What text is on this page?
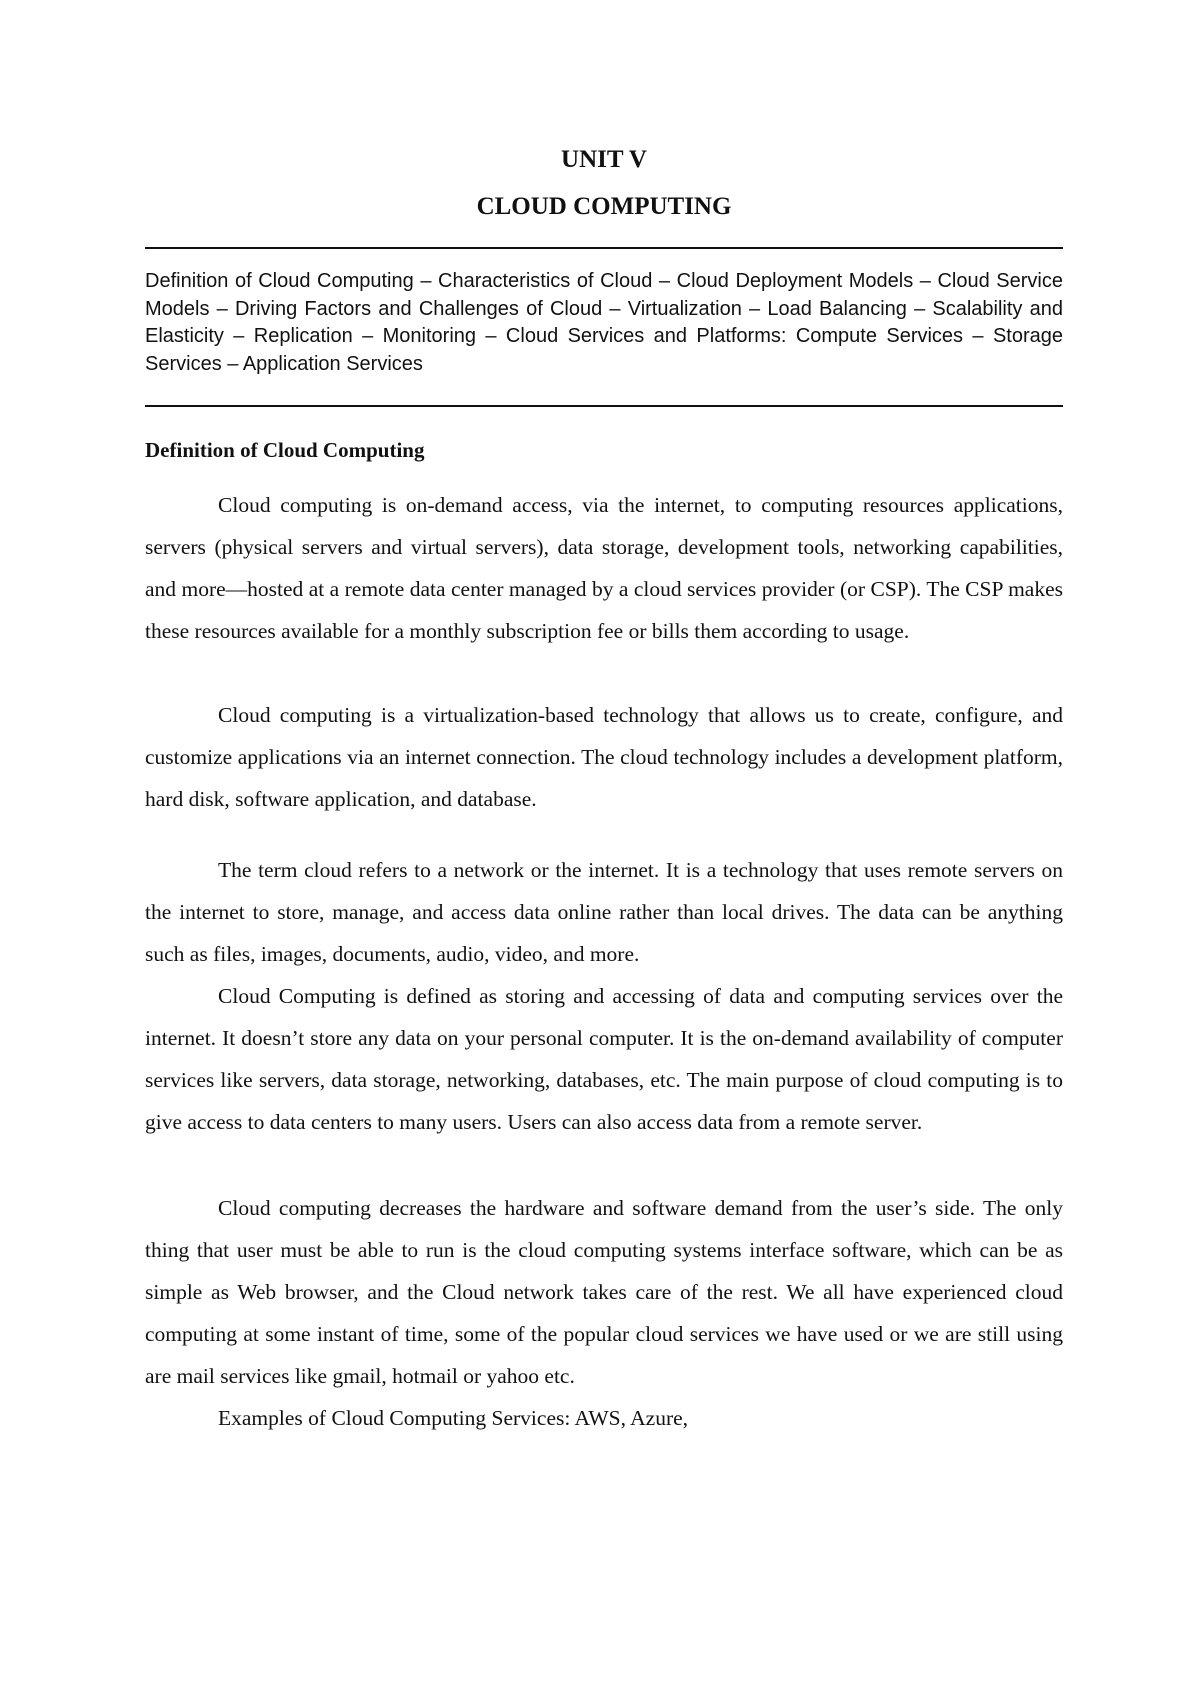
UNIT V
CLOUD COMPUTING

Definition of Cloud Computing – Characteristics of Cloud – Cloud Deployment Models – Cloud Service Models – Driving Factors and Challenges of Cloud – Virtualization – Load Balancing – Scalability and Elasticity – Replication – Monitoring – Cloud Services and Platforms: Compute Services – Storage Services – Application Services

Definition of Cloud Computing

Cloud computing is on-demand access, via the internet, to computing resources applications, servers (physical servers and virtual servers), data storage, development tools, networking capabilities, and more—hosted at a remote data center managed by a cloud services provider (or CSP). The CSP makes these resources available for a monthly subscription fee or bills them according to usage.

Cloud computing is a virtualization-based technology that allows us to create, configure, and customize applications via an internet connection. The cloud technology includes a development platform, hard disk, software application, and database.

The term cloud refers to a network or the internet. It is a technology that uses remote servers on the internet to store, manage, and access data online rather than local drives. The data can be anything such as files, images, documents, audio, video, and more.

Cloud Computing is defined as storing and accessing of data and computing services over the internet. It doesn’t store any data on your personal computer. It is the on-demand availability of computer services like servers, data storage, networking, databases, etc. The main purpose of cloud computing is to give access to data centers to many users. Users can also access data from a remote server.

Cloud computing decreases the hardware and software demand from the user’s side. The only thing that user must be able to run is the cloud computing systems interface software, which can be as simple as Web browser, and the Cloud network takes care of the rest. We all have experienced cloud computing at some instant of time, some of the popular cloud services we have used or we are still using are mail services like gmail, hotmail or yahoo etc.

Examples of Cloud Computing Services: AWS, Azure,
